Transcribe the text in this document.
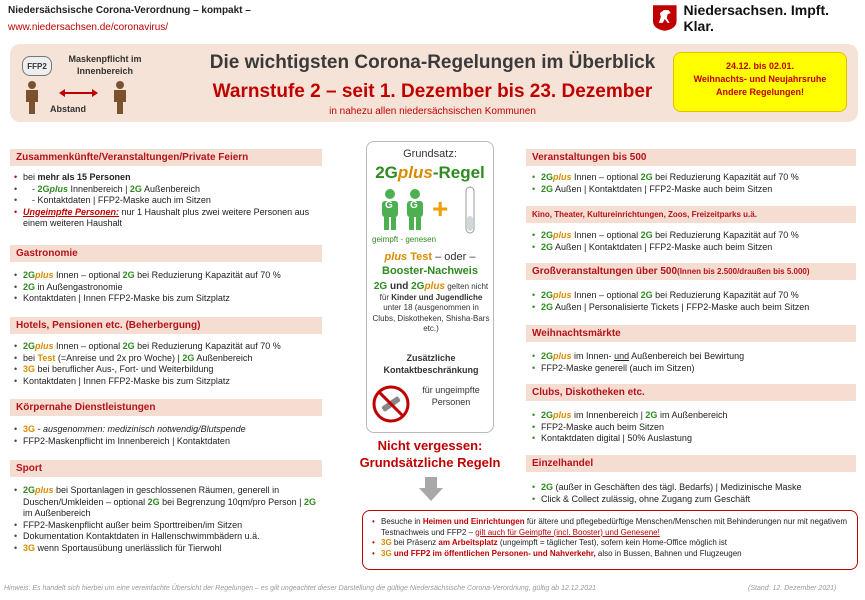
Niedersächsische Corona-Verordnung – kompakt –
www.niedersachsen.de/coronavirus/
Niedersachsen. Impft. Klar.
FFP2
Maskenpflicht im Innenbereich
Abstand
Die wichtigsten Corona-Regelungen im Überblick
Warnstufe 2 – seit 1. Dezember bis 23. Dezember
in nahezu allen niedersächsischen Kommunen
24.12. bis 02.01.
Weihnachts- und Neujahrsruhe
Andere Regelungen!
Zusammenkünfte/Veranstaltungen/Private Feiern
• bei mehr als 15 Personen
• - 2Gplus Innenbereich | 2G Außenbereich
• - Kontaktdaten | FFP2-Maske auch im Sitzen
• Ungeimpfte Personen: nur 1 Haushalt plus zwei weitere Personen aus einem weiteren Haushalt
Gastronomie
• 2Gplus Innen – optional 2G bei Reduzierung Kapazität auf 70 %
• 2G in Außengastronomie
• Kontaktdaten | Innen FFP2-Maske bis zum Sitzplatz
Hotels, Pensionen etc. (Beherbergung)
• 2Gplus Innen – optional 2G bei Reduzierung Kapazität auf 70 %
• bei Test (=Anreise und 2x pro Woche) | 2G Außenbereich
• 3G bei beruflicher Aus-, Fort- und Weiterbildung
• Kontaktdaten | Innen FFP2-Maske bis zum Sitzplatz
Körpernahe Dienstleistungen
• 3G - ausgenommen: medizinisch notwendig/Blutspende
• FFP2-Maskenpflicht im Innenbereich | Kontaktdaten
Sport
• 2Gplus bei Sportanlagen in geschlossenen Räumen, generell in Duschen/Umkleiden – optional 2G bei Begrenzung 10qm/pro Person | 2G im Außenbereich
• FFP2-Maskenpflicht außer beim Sporttreiben/im Sitzen
• Dokumentation Kontaktdaten in Hallenschwimmbädern u.ä.
• 3G wenn Sportausübung unerlässlich für Tierwohl
Grundsatz:
2Gplus-Regel
G G +
geimpft - genesen
plus Test – oder –
Booster-Nachweis
2G und 2Gplus gelten nicht für Kinder und Jugendliche unter 18 (ausgenommen in Clubs, Diskotheken, Shisha-Bars etc.)
Zusätzliche Kontaktbeschränkung
für ungeimpfte Personen
Nicht vergessen: Grundsätzliche Regeln
Veranstaltungen bis 500
• 2Gplus Innen – optional 2G bei Reduzierung Kapazität auf 70 %
• 2G Außen | Kontaktdaten | FFP2-Maske auch beim Sitzen
Kino, Theater, Kultureinrichtungen, Zoos, Freizeitparks u.ä.
• 2Gplus Innen – optional 2G bei Reduzierung Kapazität auf 70 %
• 2G Außen | Kontaktdaten | FFP2-Maske auch beim Sitzen
Großveranstaltungen über 500 (Innen bis 2.500/draußen bis 5.000)
• 2Gplus Innen – optional 2G bei Reduzierung Kapazität auf 70 %
• 2G Außen | Personalisierte Tickets | FFP2-Maske auch beim Sitzen
Weihnachtsmärkte
• 2Gplus im Innen- und Außenbereich bei Bewirtung
• FFP2-Maske generell (auch im Sitzen)
Clubs, Diskotheken etc.
• 2Gplus im Innenbereich | 2G im Außenbereich
• FFP2-Maske auch beim Sitzen
• Kontaktdaten digital | 50% Auslastung
Einzelhandel
• 2G (außer in Geschäften des tägl. Bedarfs) | Medizinische Maske
• Click & Collect zulässig, ohne Zugang zum Geschäft
• Besuche in Heimen und Einrichtungen für ältere und pflegebedürftige Menschen/Menschen mit Behinderungen nur mit negativem Testnachweis und FFP2 – gilt auch für Geimpfte (incl. Booster) und Genesene!
• 3G bei Präsenz am Arbeitsplatz (ungeimpft = täglicher Test), sofern kein Home-Office möglich ist
• 3G und FFP2 im öffentlichen Personen- und Nahverkehr, also in Bussen, Bahnen und Flugzeugen
Hinweis: Es handelt sich hierbei um eine vereinfachte Übersicht der Regelungen – es gilt ungeachtet dieser Darstellung die gültige Niedersächsische Corona-Verordnung, gültig ab 12.12.2021	(Stand: 12. Dezember 2021)
